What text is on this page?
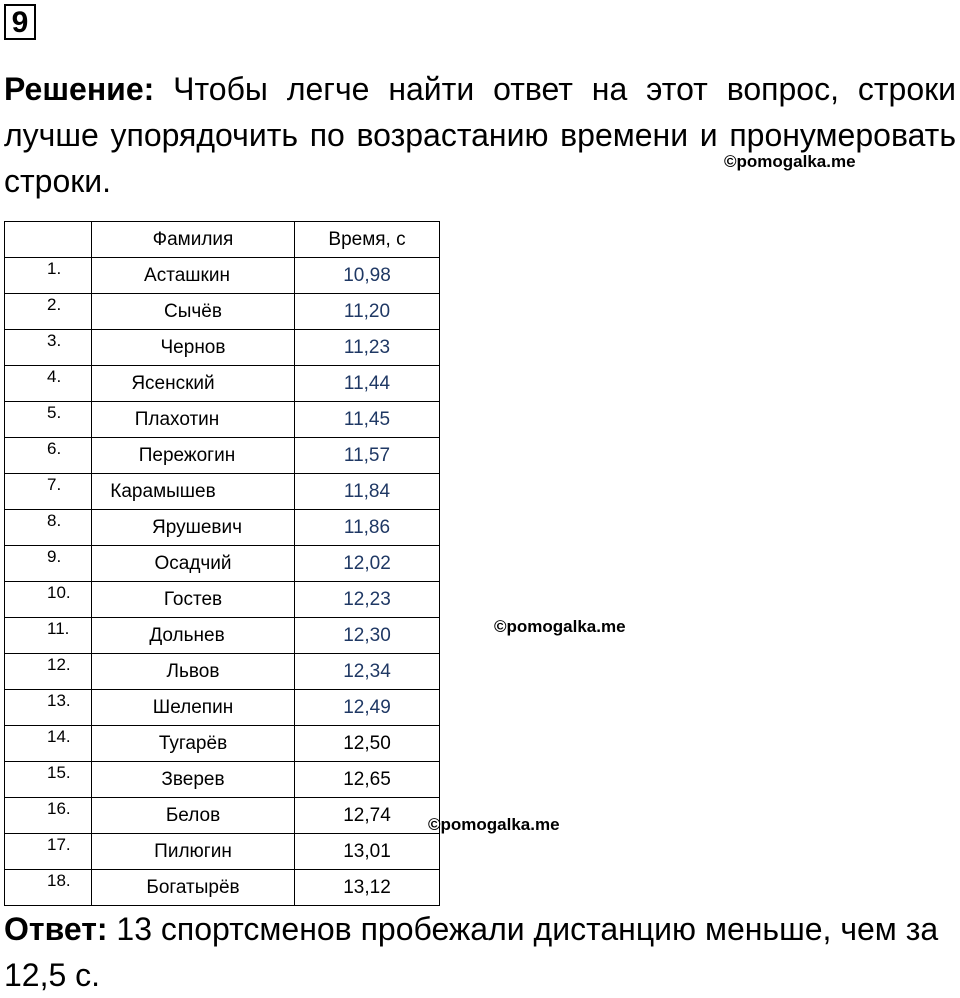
9
Решение: Чтобы легче найти ответ на этот вопрос, строки лучше упорядочить по возрастанию времени и пронумеровать строки.
©pomogalka.me
©pomogalka.me
©pomogalka.me
	Фамилия	Время, с

1.	Асташкин	10,98

2.	Сычёв	11,20

3.	Чернов	11,23

4.	Ясенский	11,44

5.	Плахотин	11,45

6.	Пережогин	11,57

7.	Карамышев	11,84

8.	Ярушевич	11,86

9.	Осадчий	12,02

10.	Гостев	12,23

11.	Дольнев	12,30

12.	Львов	12,34

13.	Шелепин	12,49

14.	Тугарёв	12,50

15.	Зверев	12,65

16.	Белов	12,74

17.	Пилюгин	13,01

18.	Богатырёв	13,12
Ответ: 13 спортсменов пробежали дистанцию меньше, чем за 12,5 с.
